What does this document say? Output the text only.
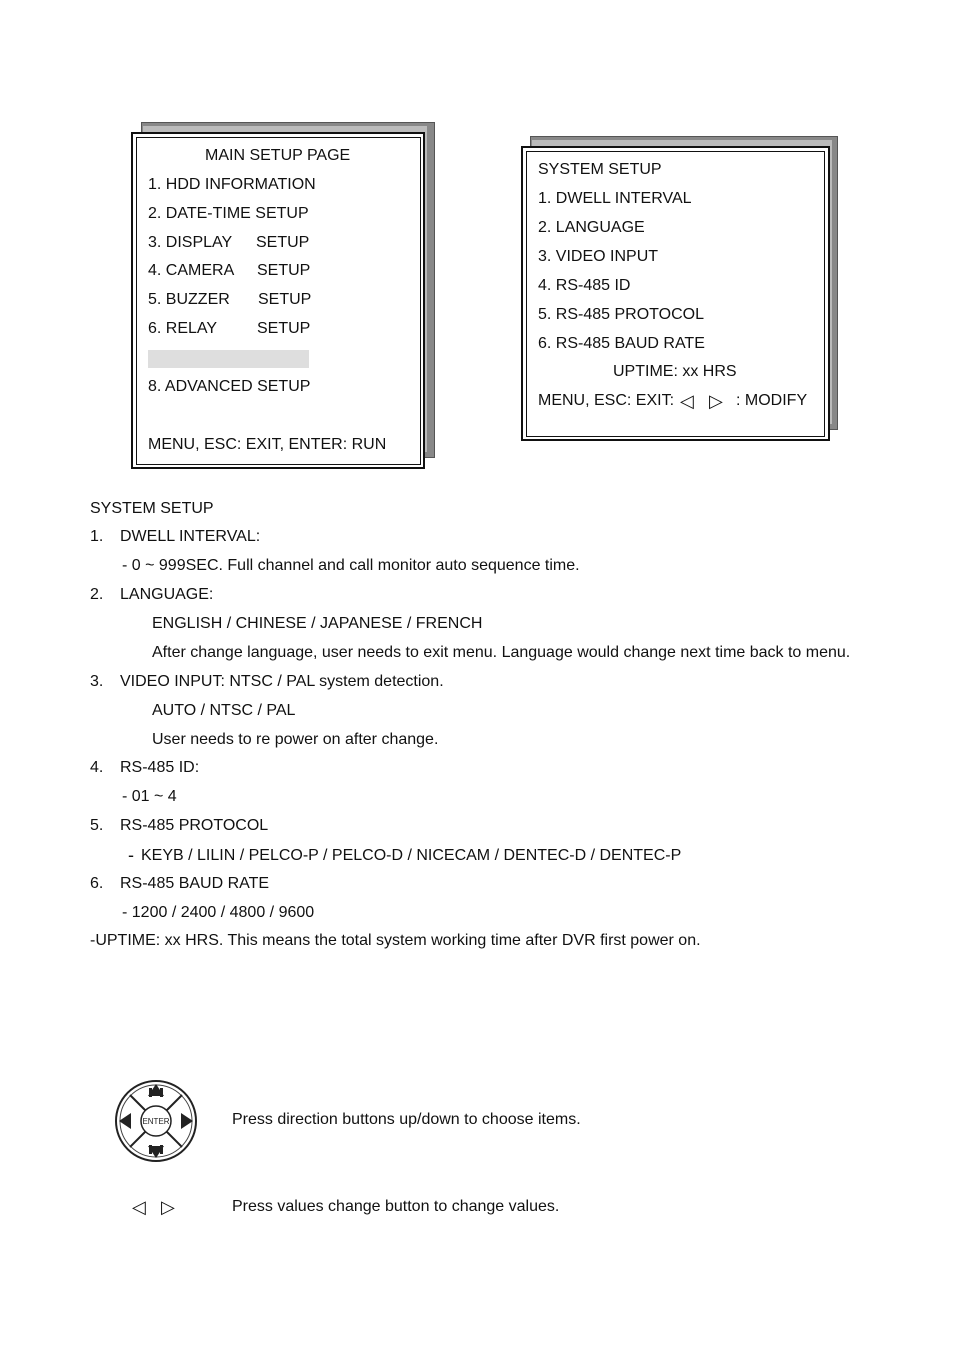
MAIN SETUP PAGE
1. HDD INFORMATION
2. DATE-TIME SETUP
3. DISPLAY SETUP
4. CAMERA SETUP
5. BUZZER SETUP
6. RELAY SETUP
8. ADVANCED SETUP
MENU, ESC: EXIT, ENTER: RUN
SYSTEM SETUP
1. DWELL INTERVAL
2. LANGUAGE
3. VIDEO INPUT
4. RS-485 ID
5. RS-485 PROTOCOL
6. RS-485 BAUD RATE
UPTIME: xx HRS
MENU, ESC: EXIT: ◁ ▷ : MODIFY
SYSTEM SETUP
1. DWELL INTERVAL:
- 0 ~ 999SEC. Full channel and call monitor auto sequence time.
2. LANGUAGE:
ENGLISH / CHINESE / JAPANESE / FRENCH
After change language, user needs to exit menu. Language would change next time back to menu.
3. VIDEO INPUT: NTSC / PAL system detection.
AUTO / NTSC / PAL
User needs to re power on after change.
4. RS-485 ID:
- 01 ~ 4
5. RS-485 PROTOCOL
- KEYB / LILIN / PELCO-P / PELCO-D / NICECAM / DENTEC-D / DENTEC-P
6. RS-485 BAUD RATE
- 1200 / 2400 / 4800 / 9600
-UPTIME: xx HRS. This means the total system working time after DVR first power on.
ENTER	Press direction buttons up/down to choose items.
◁ ▷	Press values change button to change values.
